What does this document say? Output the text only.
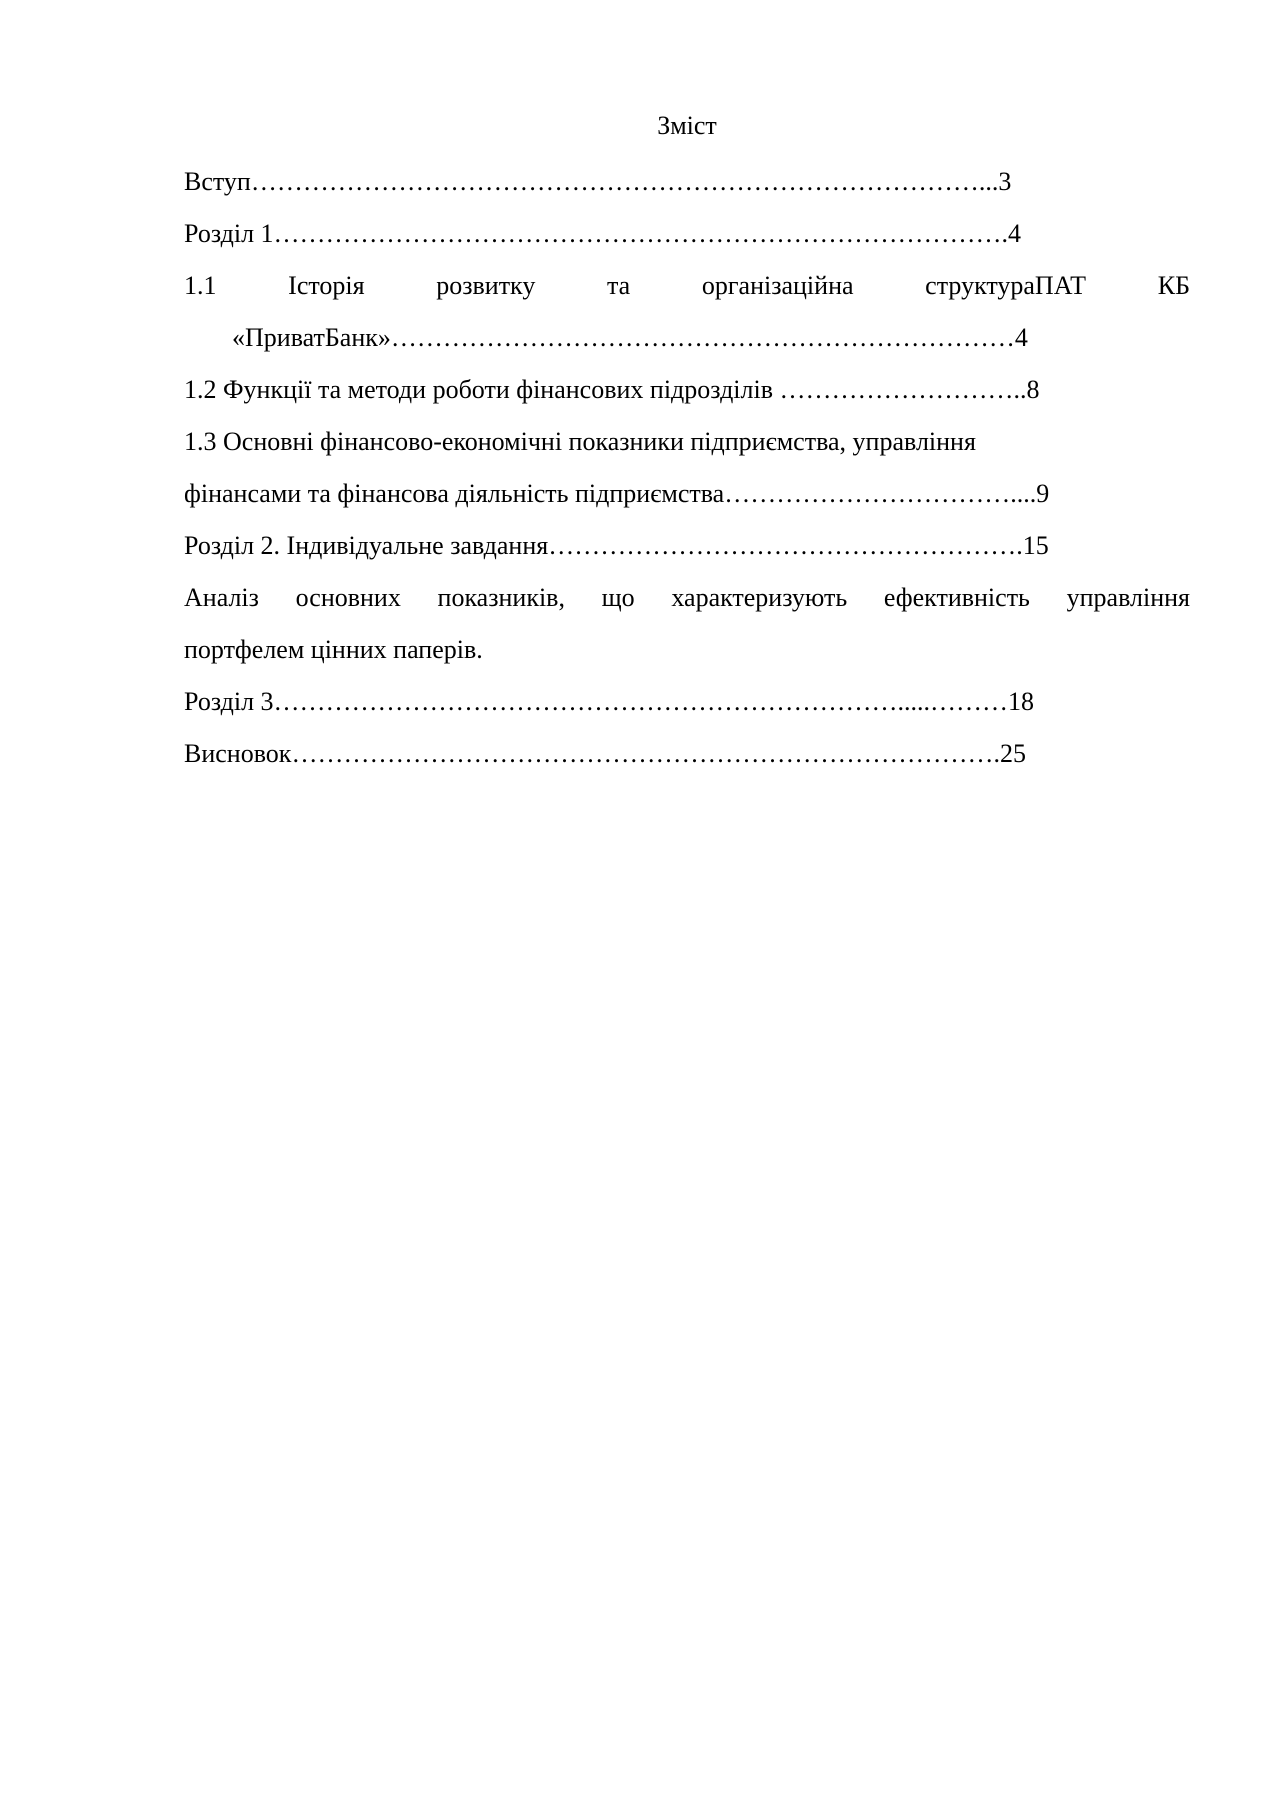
Зміст
Вступ…………………………………………………………………………...3
Розділ 1………………………………………………………………………….4
1.1 Історія розвитку та організаційна структураПАТ КБ
«ПриватБанк»………………………………………………………………4
1.2 Функції та методи роботи фінансових підрозділів ………………………..8
1.3 Основні фінансово-економічні показники підприємства, управління
фінансами та фінансова діяльність підприємства……………………………....9
Розділ 2. Індивідуальне завдання……………………………………………….15
Аналіз основних показників, що характеризують ефективність управління
портфелем цінних паперів.
Розділ 3……………………………………………………………….....………18
Висновок……………………………………………………………………….25
